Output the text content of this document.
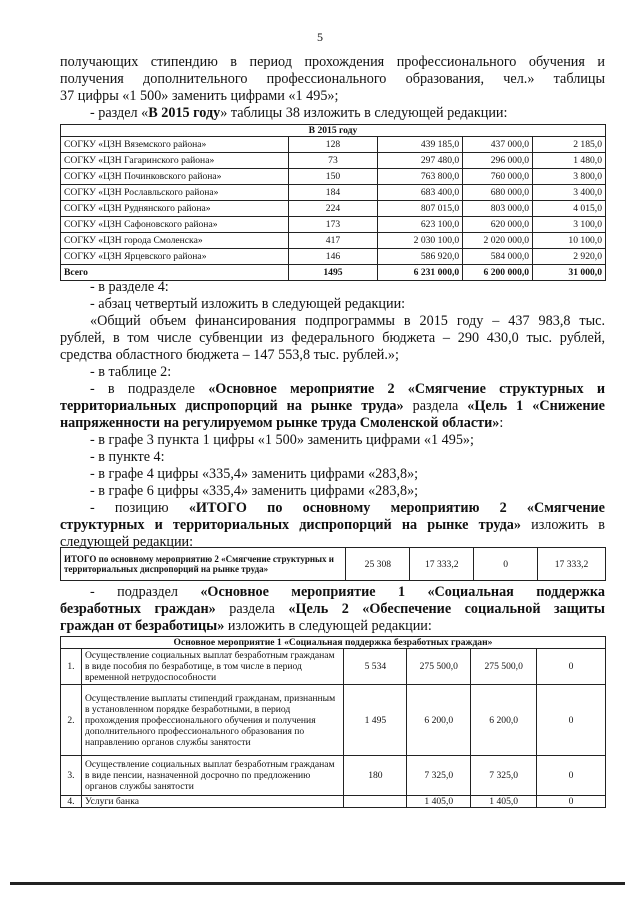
5

получающих стипендию в период прохождения профессионального обучения и

получения дополнительного профессионального образования, чел.» таблицы

37 цифры «1 500» заменить цифрами «1 495»;

- раздел «В 2015 году» таблицы 38 изложить в следующей редакции:

В 2015 году				
СОГКУ «ЦЗН Вяземского района»	128	439 185,0	437 000,0	2 185,0
СОГКУ «ЦЗН Гагаринского района»	73	297 480,0	296 000,0	1 480,0
СОГКУ «ЦЗН Починковского района»	150	763 800,0	760 000,0	3 800,0
СОГКУ «ЦЗН Рославльского района»	184	683 400,0	680 000,0	3 400,0
СОГКУ «ЦЗН Руднянского района»	224	807 015,0	803 000,0	4 015,0
СОГКУ «ЦЗН Сафоновского района»	173	623 100,0	620 000,0	3 100,0
СОГКУ «ЦЗН города Смоленска»	417	2 030 100,0	2 020 000,0	10 100,0
СОГКУ «ЦЗН Ярцевского района»	146	586 920,0	584 000,0	2 920,0
Всего	1495	6 231 000,0	6 200 000,0	31 000,0

- в разделе 4:

- абзац четвертый изложить в следующей редакции:

«Общий объем финансирования подпрограммы в 2015 году – 437 983,8 тыс.

рублей, в том числе субвенции из федерального бюджета – 290 430,0 тыс. рублей,

средства областного бюджета – 147 553,8 тыс. рублей.»;

- в таблице 2:

- в подразделе «Основное мероприятие 2 «Смягчение структурных и

территориальных диспропорций на рынке труда» раздела «Цель 1 «Снижение

напряженности на регулируемом рынке труда Смоленской области»:

- в графе 3 пункта 1 цифры «1 500» заменить цифрами «1 495»;

- в пункте 4:

- в графе 4 цифры «335,4» заменить цифрами «283,8»;

- в графе 6 цифры «335,4» заменить цифрами «283,8»;

- позицию «ИТОГО по основному мероприятию 2 «Смягчение

структурных и территориальных диспропорций на рынке труда» изложить в

следующей редакции:

ИТОГО по основному мероприятию 2 «Смягчение структурных и территориальных диспропорций на рынке труда»	25 308	17 333,2	0	17 333,2

- подраздел «Основное мероприятие 1 «Социальная поддержка

безработных граждан» раздела «Цель 2 «Обеспечение социальной защиты

граждан от безработицы» изложить в следующей редакции:

Основное мероприятие 1 «Социальная поддержка безработных граждан»					
1.	Осуществление социальных выплат безработным гражданам в виде пособия по безработице, в том числе в период временной нетрудоспособности	5 534	275 500,0	275 500,0	0
2.	Осуществление выплаты стипендий гражданам, признанным в установленном порядке безработными, в период прохождения профессионального обучения и получения дополнительного профессионального образования по направлению органов службы занятости	1 495	6 200,0	6 200,0	0
3.	Осуществление социальных выплат безработным гражданам в виде пенсии, назначенной досрочно по предложению органов службы занятости	180	7 325,0	7 325,0	0
4.	Услуги банка		1 405,0	1 405,0	0
